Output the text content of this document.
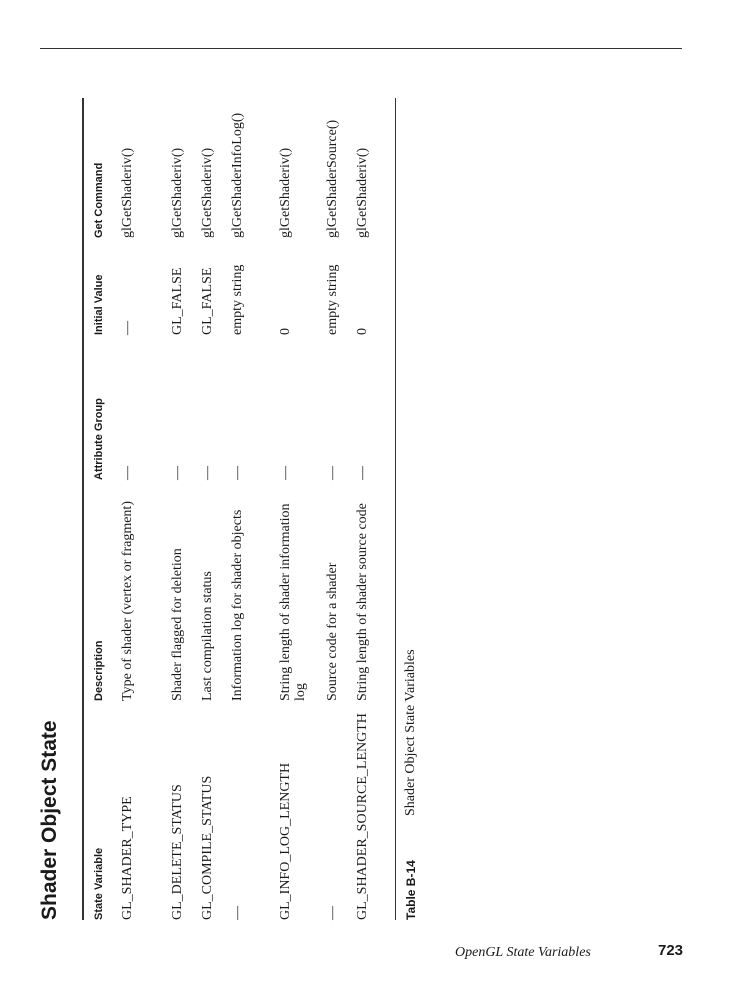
Shader Object State	State Variable
Description
Attribute Group
Initial Value
Get Command
GL_SHADER_TYPE
Type of shader (vertex or fragment)
—
—
glGetShaderiv()
GL_DELETE_STATUS
Shader flagged for deletion
—
GL_FALSE
glGetShaderiv()
GL_COMPILE_STATUS
Last compilation status
—
GL_FALSE
glGetShaderiv()
—
Information log for shader objects
—
empty string
glGetShaderInfoLog()
GL_INFO_LOG_LENGTH
String length of shader information log
—
0
glGetShaderiv()
—
Source code for a shader
—
empty string
glGetShaderSource()
GL_SHADER_SOURCE_LENGTH
String length of shader source code
—
0
glGetShaderiv()
Table B-14
Shader Object State Variables
OpenGL State Variables	723
